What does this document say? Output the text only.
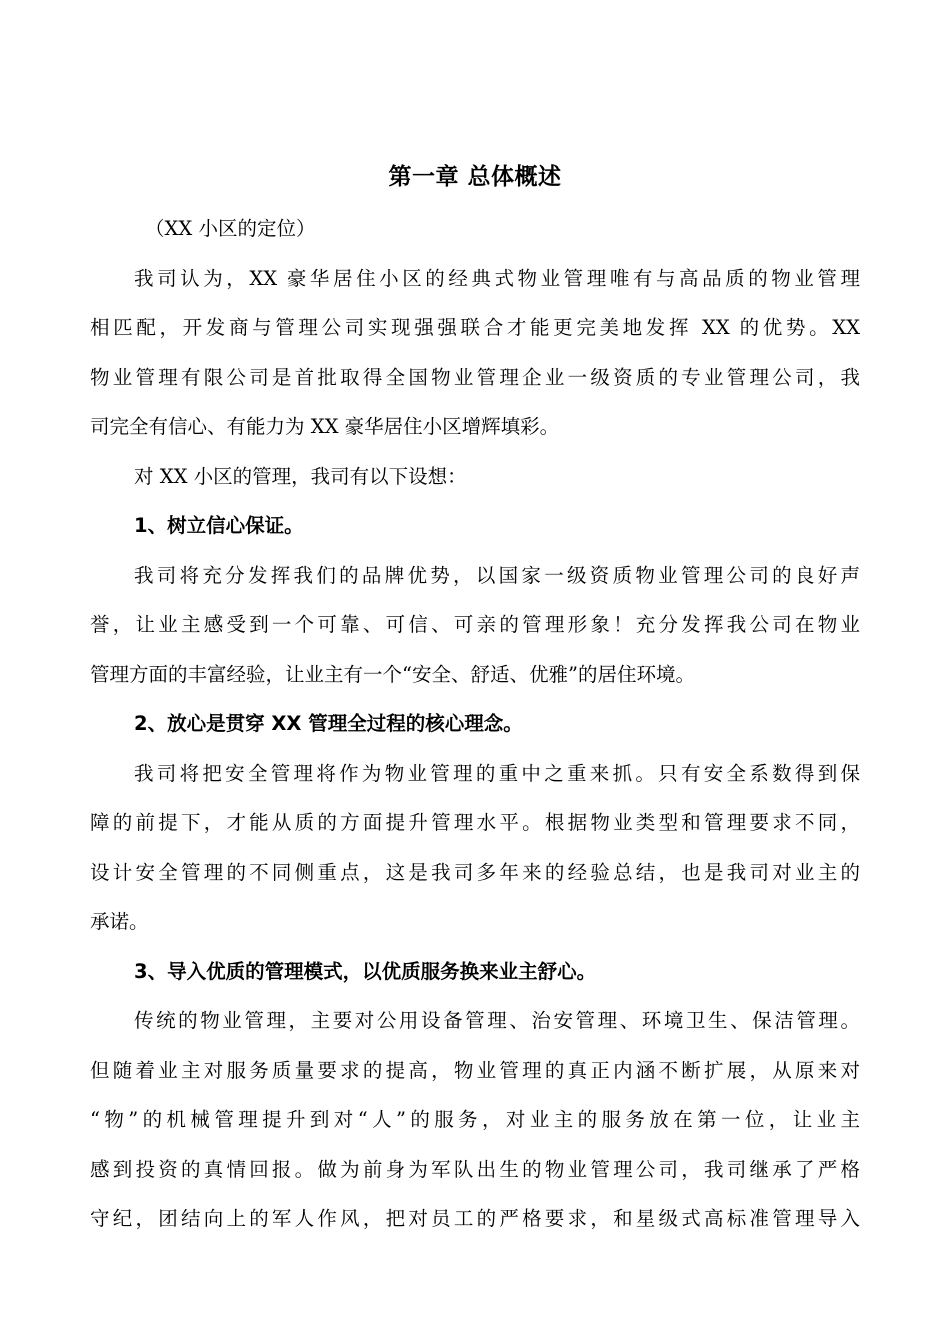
第一章 总体概述

（XX 小区的定位）

我司认为，XX 豪华居住小区的经典式物业管理唯有与高品质的物业管理

相匹配，开发商与管理公司实现强强联合才能更完美地发挥 XX 的优势。XX

物业管理有限公司是首批取得全国物业管理企业一级资质的专业管理公司，我

司完全有信心、有能力为 XX 豪华居住小区增辉填彩。

对 XX 小区的管理，我司有以下设想：

1、树立信心保证。

我司将充分发挥我们的品牌优势，以国家一级资质物业管理公司的良好声

誉，让业主感受到一个可靠、可信、可亲的管理形象！充分发挥我公司在物业

管理方面的丰富经验，让业主有一个“安全、舒适、优雅”的居住环境。

2、放心是贯穿 XX 管理全过程的核心理念。

我司将把安全管理将作为物业管理的重中之重来抓。只有安全系数得到保

障的前提下，才能从质的方面提升管理水平。根据物业类型和管理要求不同，

设计安全管理的不同侧重点，这是我司多年来的经验总结，也是我司对业主的

承诺。

3、导入优质的管理模式，以优质服务换来业主舒心。

传统的物业管理，主要对公用设备管理、治安管理、环境卫生、保洁管理。

但随着业主对服务质量要求的提高，物业管理的真正内涵不断扩展，从原来对

“物”的机械管理提升到对“人”的服务，对业主的服务放在第一位，让业主

感到投资的真情回报。做为前身为军队出生的物业管理公司，我司继承了严格

守纪，团结向上的军人作风，把对员工的严格要求，和星级式高标准管理导入
